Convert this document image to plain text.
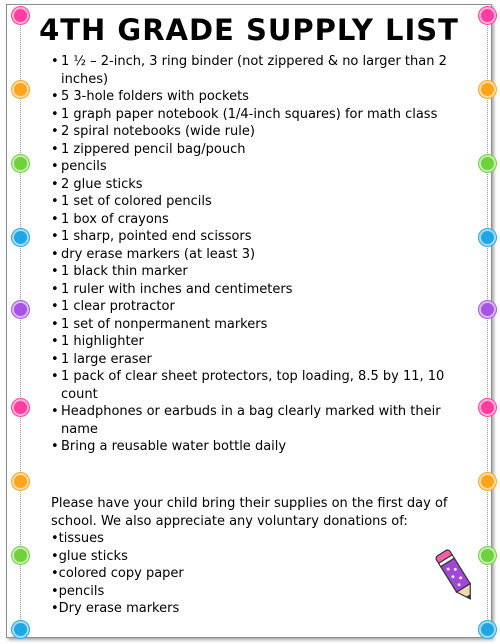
4TH GRADE SUPPLY LIST
• 1 ½ – 2-inch, 3 ring binder (not zippered & no larger than 2 inches)
• 5 3-hole folders with pockets
• 1 graph paper notebook (1/4-inch squares) for math class
• 2 spiral notebooks (wide rule)
• 1 zippered pencil bag/pouch
• pencils
• 2 glue sticks
• 1 set of colored pencils
• 1 box of crayons
• 1 sharp, pointed end scissors
• dry erase markers (at least 3)
• 1 black thin marker
• 1 ruler with inches and centimeters
• 1 clear protractor
• 1 set of nonpermanent markers
• 1 highlighter
• 1 large eraser
• 1 pack of clear sheet protectors, top loading, 8.5 by 11, 10 count
• Headphones or earbuds in a bag clearly marked with their name
• Bring a reusable water bottle daily

Please have your child bring their supplies on the first day of school. We also appreciate any voluntary donations of:

• tissues
• glue sticks
• colored copy paper
• pencils
• Dry erase markers
